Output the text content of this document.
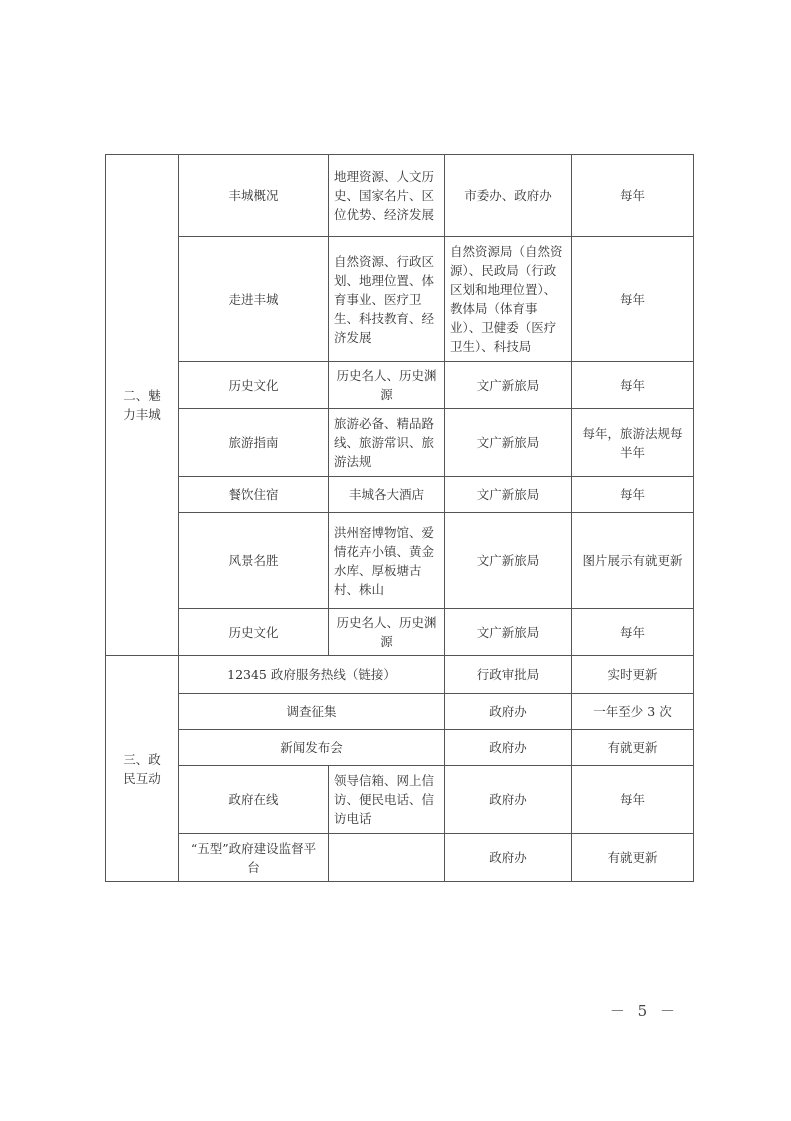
二、魅力丰城	丰城概况	地理资源、人文历史、国家名片、区位优势、经济发展	市委办、政府办	每年
	走进丰城	自然资源、行政区划、地理位置、体育事业、医疗卫生、科技教育、经济发展	自然资源局（自然资源）、民政局（行政区划和地理位置）、教体局（体育事业）、卫健委（医疗卫生）、科技局	每年
	历史文化	历史名人、历史渊源	文广新旅局	每年
	旅游指南	旅游必备、精品路线、旅游常识、旅游法规	文广新旅局	每年，旅游法规每半年
	餐饮住宿	丰城各大酒店	文广新旅局	每年
	风景名胜	洪州窑博物馆、爱情花卉小镇、黄金水库、厚板塘古村、株山	文广新旅局	图片展示有就更新
	历史文化	历史名人、历史渊源	文广新旅局	每年
三、政民互动	12345 政府服务热线（链接）		行政审批局	实时更新
	调查征集		政府办	一年至少 3 次
	新闻发布会		政府办	有就更新
	政府在线	领导信箱、网上信访、便民电话、信访电话	政府办	每年
	“五型”政府建设监督平台		政府办	有就更新
－ 5 －
